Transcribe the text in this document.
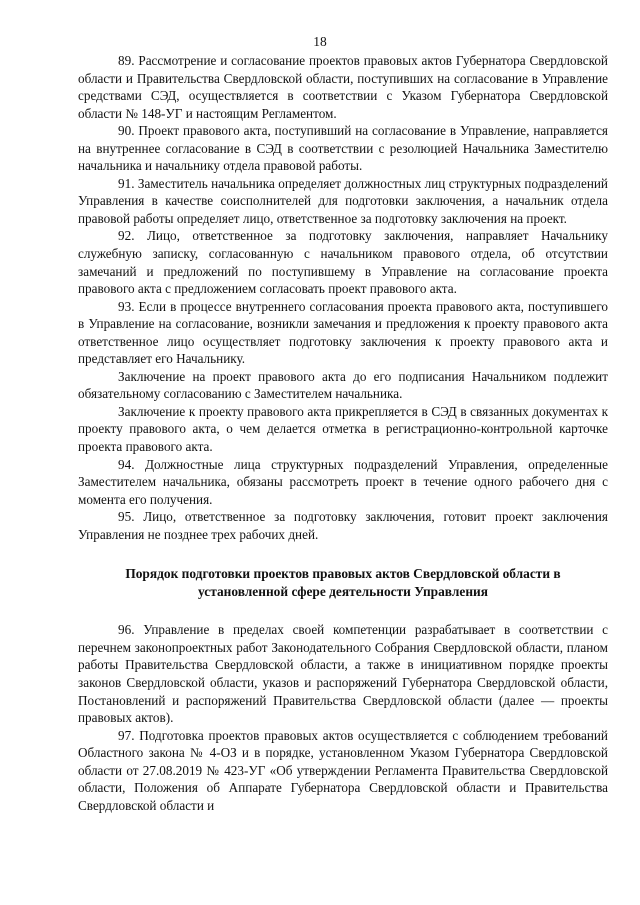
18

89. Рассмотрение и согласование проектов правовых актов Губернатора Свердловской области и Правительства Свердловской области, поступивших на согласование в Управление средствами СЭД, осуществляется в соответствии с Указом Губернатора Свердловской области № 148-УГ и настоящим Регламентом.

90. Проект правового акта, поступивший на согласование в Управление, направляется на внутреннее согласование в СЭД в соответствии с резолюцией Начальника Заместителю начальника и начальнику отдела правовой работы.

91. Заместитель начальника определяет должностных лиц структурных подразделений Управления в качестве соисполнителей для подготовки заключения, а начальник отдела правовой работы определяет лицо, ответственное за подготовку заключения на проект.

92. Лицо, ответственное за подготовку заключения, направляет Начальнику служебную записку, согласованную с начальником правового отдела, об отсутствии замечаний и предложений по поступившему в Управление на согласование проекта правового акта с предложением согласовать проект правового акта.

93. Если в процессе внутреннего согласования проекта правового акта, поступившего в Управление на согласование, возникли замечания и предложения к проекту правового акта ответственное лицо осуществляет подготовку заключения к проекту правового акта и представляет его Начальнику.

Заключение на проект правового акта до его подписания Начальником подлежит обязательному согласованию с Заместителем начальника.

Заключение к проекту правового акта прикрепляется в СЭД в связанных документах к проекту правового акта, о чем делается отметка в регистрационно-контрольной карточке проекта правового акта.

94. Должностные лица структурных подразделений Управления, определенные Заместителем начальника, обязаны рассмотреть проект в течение одного рабочего дня с момента его получения.

95. Лицо, ответственное за подготовку заключения, готовит проект заключения Управления не позднее трех рабочих дней.

Порядок подготовки проектов правовых актов Свердловской области в установленной сфере деятельности Управления

96. Управление в пределах своей компетенции разрабатывает в соответствии с перечнем законопроектных работ Законодательного Собрания Свердловской области, планом работы Правительства Свердловской области, а также в инициативном порядке проекты законов Свердловской области, указов и распоряжений Губернатора Свердловской области, Постановлений и распоряжений Правительства Свердловской области (далее — проекты правовых актов).

97. Подготовка проектов правовых актов осуществляется с соблюдением требований Областного закона № 4-ОЗ и в порядке, установленном Указом Губернатора Свердловской области от 27.08.2019 № 423-УГ «Об утверждении Регламента Правительства Свердловской области, Положения об Аппарате Губернатора Свердловской области и Правительства Свердловской области и
